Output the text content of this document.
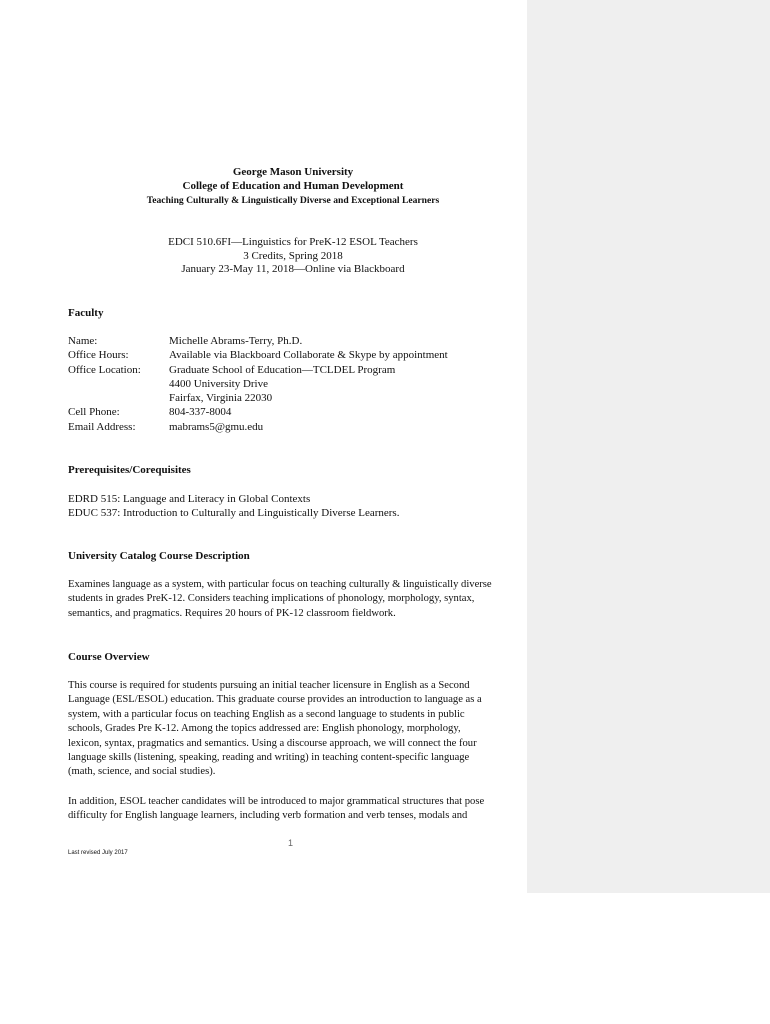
George Mason University
College of Education and Human Development
Teaching Culturally & Linguistically Diverse and Exceptional Learners
EDCI 510.6FI—Linguistics for PreK-12 ESOL Teachers
3 Credits, Spring 2018
January 23-May 11, 2018—Online via Blackboard
Faculty
Name:	Michelle Abrams-Terry, Ph.D.
Office Hours:	Available via Blackboard Collaborate & Skype by appointment
Office Location:	Graduate School of Education—TCLDEL Program
4400 University Drive
Fairfax, Virginia 22030
Cell Phone:	804-337-8004
Email Address:	mabrams5@gmu.edu
Prerequisites/Corequisites
EDRD 515: Language and Literacy in Global Contexts
EDUC 537: Introduction to Culturally and Linguistically Diverse Learners.
University Catalog Course Description
Examines language as a system, with particular focus on teaching culturally & linguistically diverse
students in grades PreK-12. Considers teaching implications of phonology, morphology, syntax,
semantics, and pragmatics. Requires 20 hours of PK-12 classroom fieldwork.
Course Overview
This course is required for students pursuing an initial teacher licensure in English as a Second
Language (ESL/ESOL) education. This graduate course provides an introduction to language as a
system, with a particular focus on teaching English as a second language to students in public
schools, Grades Pre K-12. Among the topics addressed are: English phonology, morphology,
lexicon, syntax, pragmatics and semantics. Using a discourse approach, we will connect the four
language skills (listening, speaking, reading and writing) in teaching content-specific language
(math, science, and social studies).
In addition, ESOL teacher candidates will be introduced to major grammatical structures that pose
difficulty for English language learners, including verb formation and verb tenses, modals and
1
Last revised July 2017
